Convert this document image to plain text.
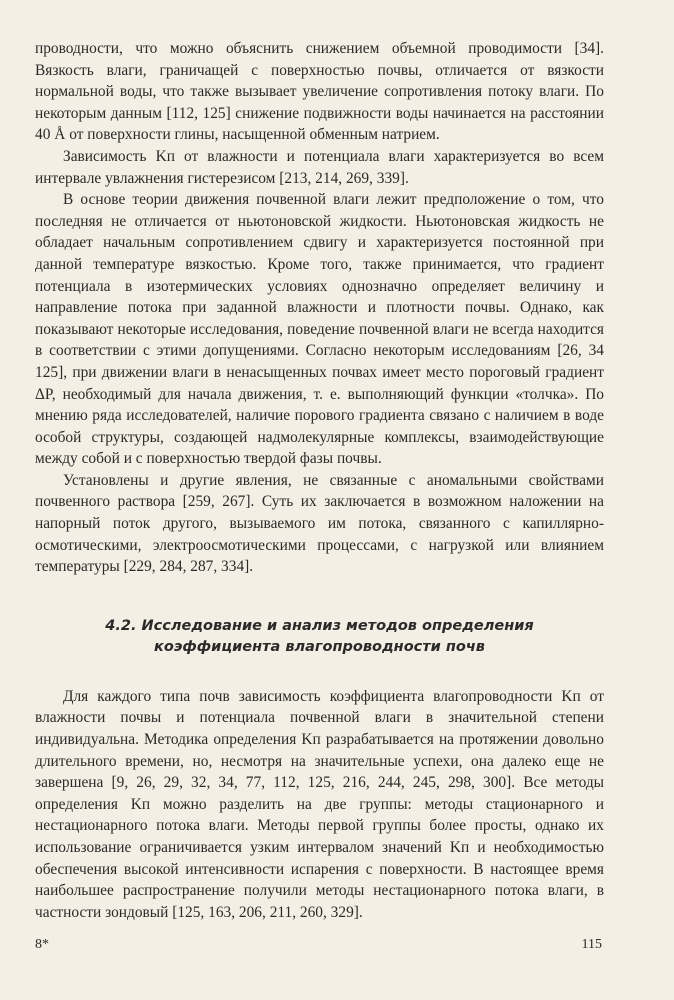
проводности, что можно объяснить снижением объемной проводимости [34]. Вязкость влаги, граничащей с поверхностью почвы, отличается от вязкости нормальной воды, что также вызывает увеличение сопротивления потоку влаги. По некоторым данным [112, 125] снижение подвижности воды начинается на расстоянии 40 Å от поверхности глины, насыщенной обменным натрием.

Зависимость Kп от влажности и потенциала влаги характеризуется во всем интервале увлажнения гистерезисом [213, 214, 269, 339].

В основе теории движения почвенной влаги лежит предположение о том, что последняя не отличается от ньютоновской жидкости. Ньютоновская жидкость не обладает начальным сопротивлением сдвигу и характеризуется постоянной при данной температуре вязкостью. Кроме того, также принимается, что градиент потенциала в изотермических условиях однозначно определяет величину и направление потока при заданной влажности и плотности почвы. Однако, как показывают некоторые исследования, поведение почвенной влаги не всегда находится в соответствии с этими допущениями. Согласно некоторым исследованиям [26, 34 125], при движении влаги в ненасыщенных почвах имеет место пороговый градиент ΔP, необходимый для начала движения, т. е. выполняющий функции «толчка». По мнению ряда исследователей, наличие порового градиента связано с наличием в воде особой структуры, создающей надмолекулярные комплексы, взаимодействующие между собой и с поверхностью твердой фазы почвы.

Установлены и другие явления, не связанные с аномальными свойствами почвенного раствора [259, 267]. Суть их заключается в возможном наложении на напорный поток другого, вызываемого им потока, связанного с капиллярно-осмотическими, электроосмотическими процессами, с нагрузкой или влиянием температуры [229, 284, 287, 334].

4.2. Исследование и анализ методов определения
коэффициента влагопроводности почв

Для каждого типа почв зависимость коэффициента влагопроводности Kп от влажности почвы и потенциала почвенной влаги в значительной степени индивидуальна. Методика определения Kп разрабатывается на протяжении довольно длительного времени, но, несмотря на значительные успехи, она далеко еще не завершена [9, 26, 29, 32, 34, 77, 112, 125, 216, 244, 245, 298, 300]. Все методы определения Kп можно разделить на две группы: методы стационарного и нестационарного потока влаги. Методы первой группы более просты, однако их использование ограничивается узким интервалом значений Kп и необходимостью обеспечения высокой интенсивности испарения с поверхности. В настоящее время наибольшее распространение получили методы нестационарного потока влаги, в частности зондовый [125, 163, 206, 211, 260, 329].

8*	115
